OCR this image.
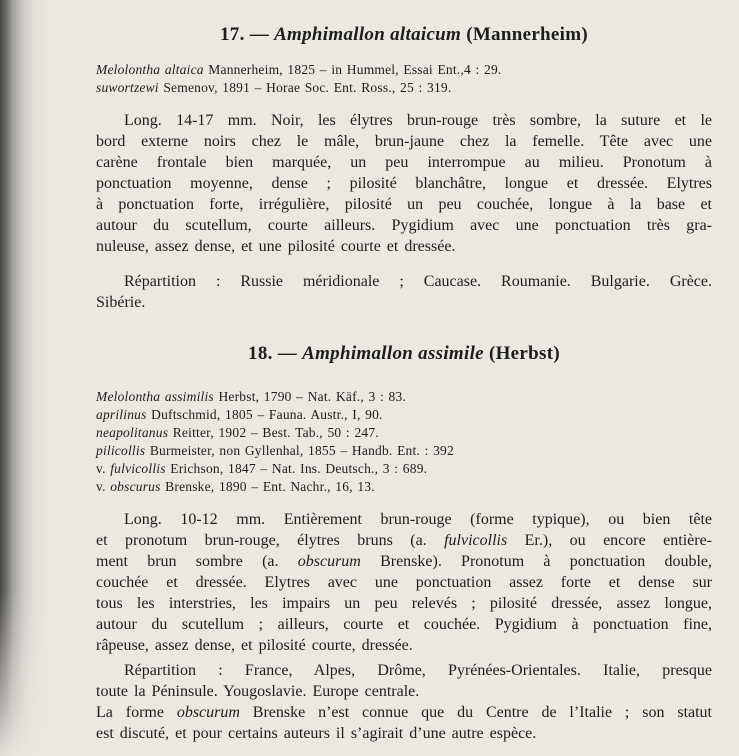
17. — Amphimallon altaicum (Mannerheim)
Melolontha altaica Mannerheim, 1825 – in Hummel, Essai Ent.,4 : 29.
suwortzewi Semenov, 1891 – Horae Soc. Ent. Ross., 25 : 319.
Long. 14-17 mm. Noir, les élytres brun-rouge très sombre, la suture et le
bord externe noirs chez le mâle, brun-jaune chez la femelle. Tête avec une
carène frontale bien marquée, un peu interrompue au milieu. Pronotum à
ponctuation moyenne, dense ; pilosité blanchâtre, longue et dressée. Elytres
à ponctuation forte, irrégulière, pilosité un peu couchée, longue à la base et
autour du scutellum, courte ailleurs. Pygidium avec une ponctuation très gra-
nuleuse, assez dense, et une pilosité courte et dressée.
Répartition : Russie méridionale ; Caucase. Roumanie. Bulgarie. Grèce.
Sibérie.
18. — Amphimallon assimile (Herbst)
Melolontha assimilis Herbst, 1790 – Nat. Käf., 3 : 83.
aprilinus Duftschmid, 1805 – Fauna. Austr., I, 90.
neapolitanus Reitter, 1902 – Best. Tab., 50 : 247.
pilicollis Burmeister, non Gyllenhal, 1855 – Handb. Ent. : 392
v. fulvicollis Erichson, 1847 – Nat. Ins. Deutsch., 3 : 689.
v. obscurus Brenske, 1890 – Ent. Nachr., 16, 13.
Long. 10-12 mm. Entièrement brun-rouge (forme typique), ou bien tête
et pronotum brun-rouge, élytres bruns (a. fulvicollis Er.), ou encore entière-
ment brun sombre (a. obscurum Brenske). Pronotum à ponctuation double,
couchée et dressée. Elytres avec une ponctuation assez forte et dense sur
tous les interstries, les impairs un peu relevés ; pilosité dressée, assez longue,
autour du scutellum ; ailleurs, courte et couchée. Pygidium à ponctuation fine,
râpeuse, assez dense, et pilosité courte, dressée.
Répartition : France, Alpes, Drôme, Pyrénées-Orientales. Italie, presque
toute la Péninsule. Yougoslavie. Europe centrale.
La forme obscurum Brenske n’est connue que du Centre de l’Italie ; son statut
est discuté, et pour certains auteurs il s’agirait d’une autre espèce.
